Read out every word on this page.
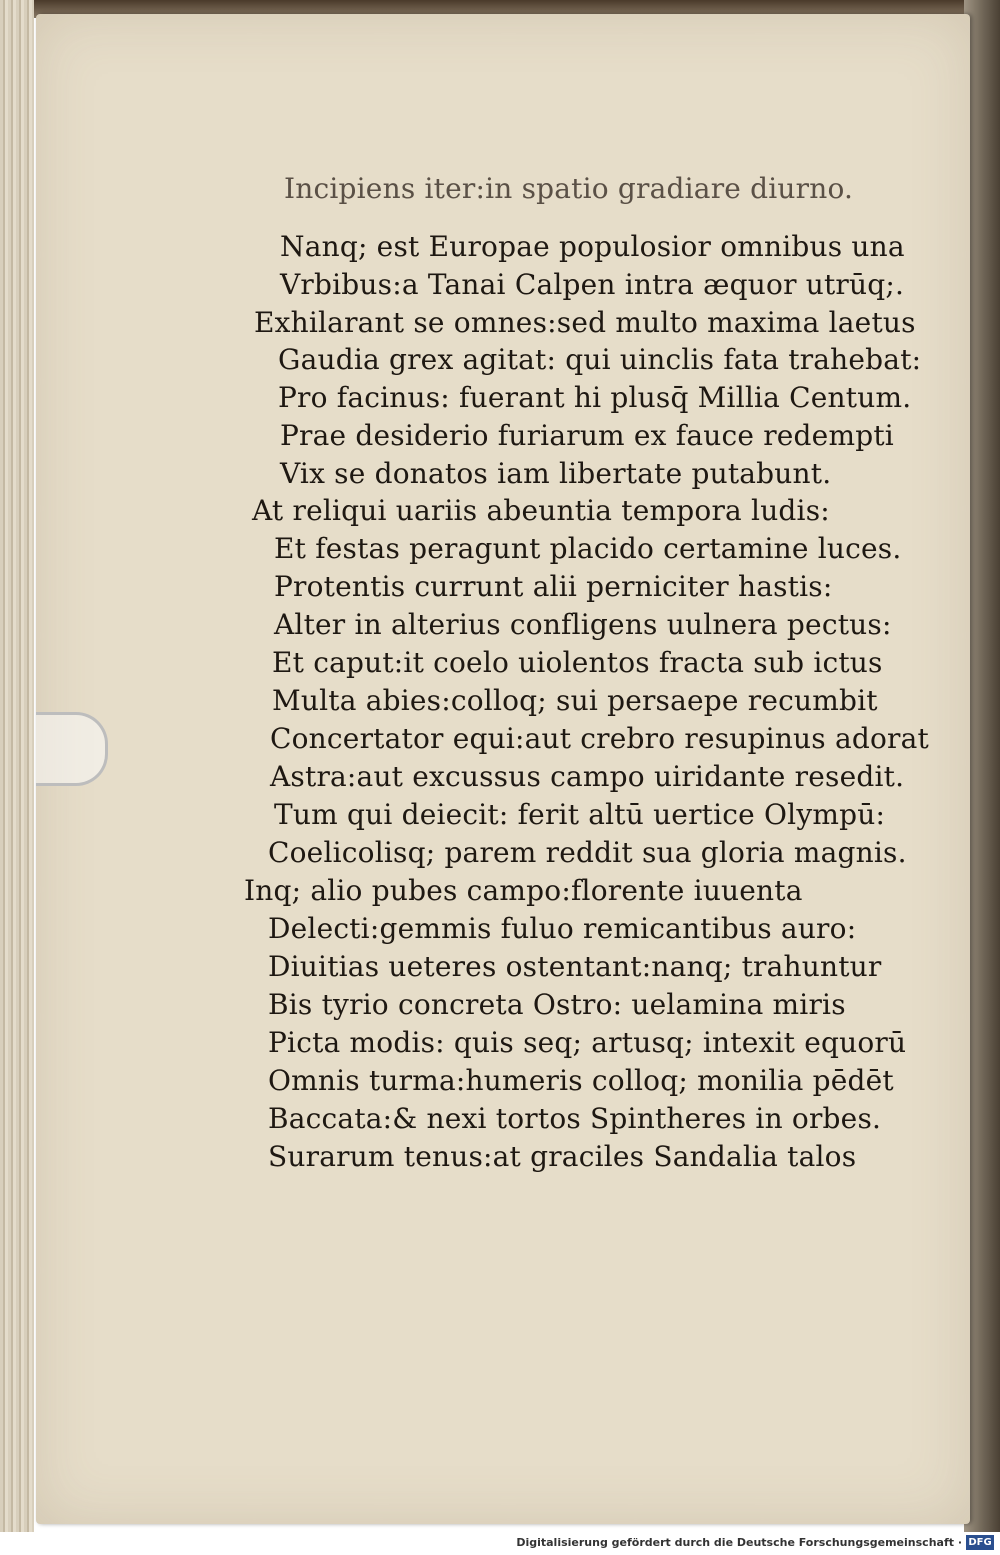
Incipiens iter:in spatio gradiare diurno.
Nanq; est Europae populosior omnibus una
Vrbibus:a Tanai Calpen intra æquor utrūq;.
Exhilarant se omnes:sed multo maxima laetus
Gaudia grex agitat: qui uinclis fata trahebat:
Pro facinus: fuerant hi plusq̄ Millia Centum.
Prae desiderio furiarum ex fauce redempti
Vix se donatos iam libertate putabunt.
At reliqui uariis abeuntia tempora ludis:
Et festas peragunt placido certamine luces.
Protentis currunt alii perniciter hastis:
Alter in alterius confligens uulnera pectus:
Et caput:it coelo uiolentos fracta sub ictus
Multa abies:colloq; sui persaepe recumbit
Concertator equi:aut crebro resupinus adorat
Astra:aut excussus campo uiridante resedit.
Tum qui deiecit: ferit altū uertice Olympū:
Coelicolisq; parem reddit sua gloria magnis.
Inq; alio pubes campo:florente iuuenta
Delecti:gemmis fuluo remicantibus auro:
Diuitias ueteres ostentant:nanq; trahuntur
Bis tyrio concreta Ostro: uelamina miris
Picta modis: quis seq; artusq; intexit equorū
Omnis turma:humeris colloq; monilia pēdēt
Baccata:& nexi tortos Spintheres in orbes.
Surarum tenus:at graciles Sandalia talos
Digitalisierung gefördert durch die Deutsche Forschungsgemeinschaft · DFG
